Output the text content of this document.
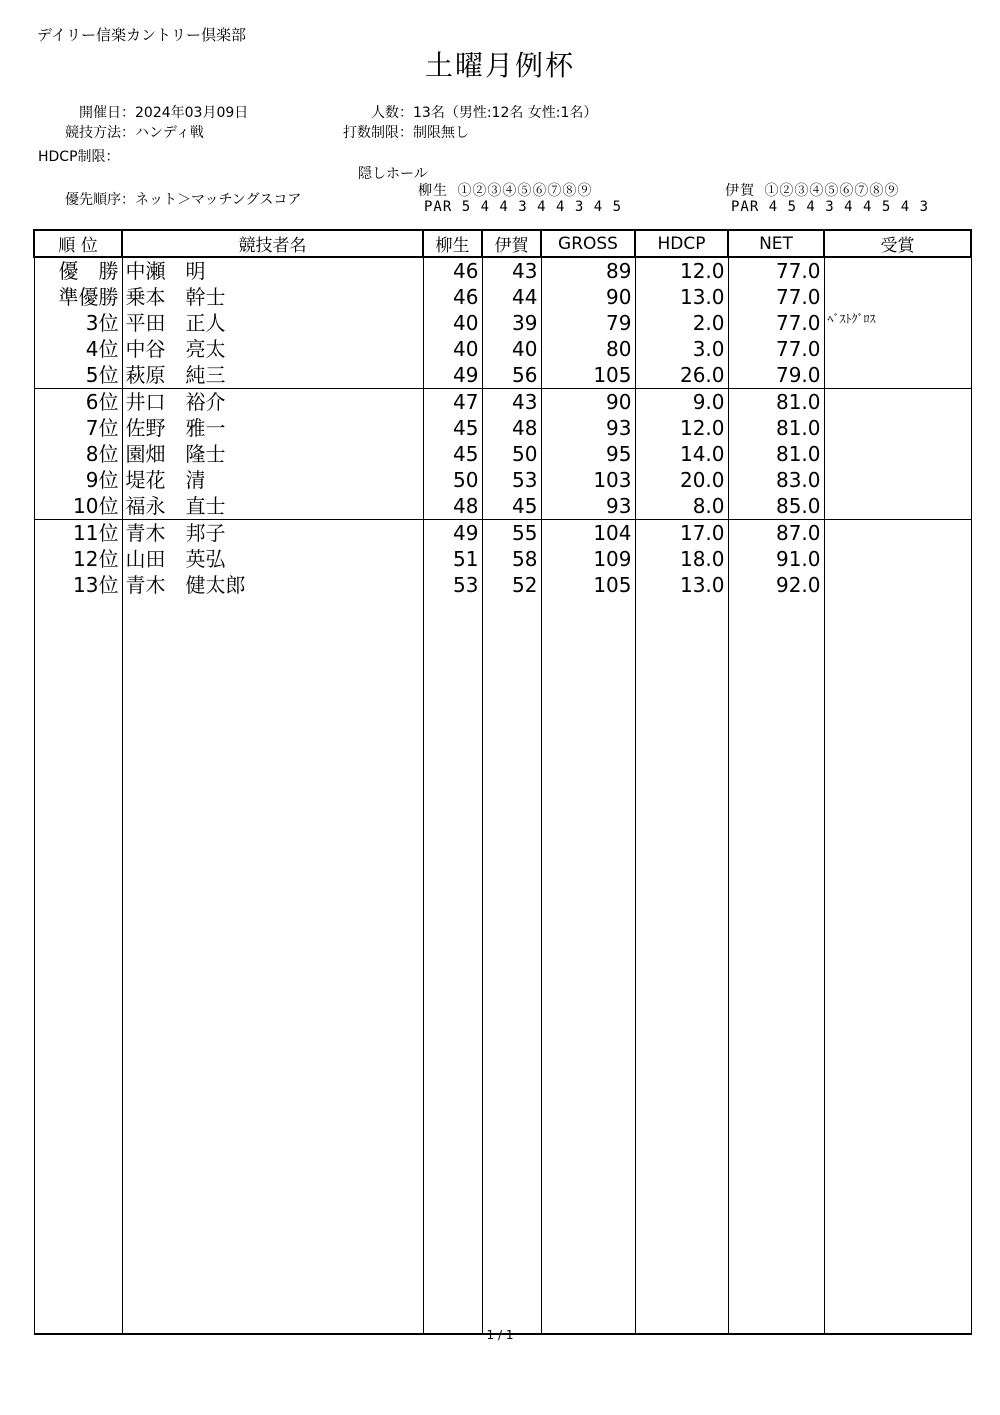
デイリー信楽カントリー倶楽部
土曜月例杯
開催日：2024年03月09日	人数：13名（男性:12名 女性:1名）
競技方法：ハンディ戦	打数制限：制限無し
HDCP制限：
隠しホール
優先順序：ネット＞マッチングスコア
柳生 ①②③④⑤⑥⑦⑧⑨
PAR 5 4 4 3 4 4 3 4 5
伊賀 ①②③④⑤⑥⑦⑧⑨
PAR 4 5 4 3 4 4 5 4 3
順 位	競技者名	柳生	伊賀	GROSS	HDCP	NET	受賞
優　勝	中瀬　明	46	43	89	12.0	77.0	
準優勝	乗本　幹士	46	44	90	13.0	77.0	
3位	平田　正人	40	39	79	2.0	77.0	ﾍﾞｽﾄｸﾞﾛｽ
4位	中谷　亮太	40	40	80	3.0	77.0	
5位	萩原　純三	49	56	105	26.0	79.0	
6位	井口　裕介	47	43	90	9.0	81.0	
7位	佐野　雅一	45	48	93	12.0	81.0	
8位	園畑　隆士	45	50	95	14.0	81.0	
9位	堤花　清	50	53	103	20.0	83.0	
10位	福永　直士	48	45	93	8.0	85.0	
11位	青木　邦子	49	55	104	17.0	87.0	
12位	山田　英弘	51	58	109	18.0	91.0	
13位	青木　健太郎	53	52	105	13.0	92.0	

1 / 1
